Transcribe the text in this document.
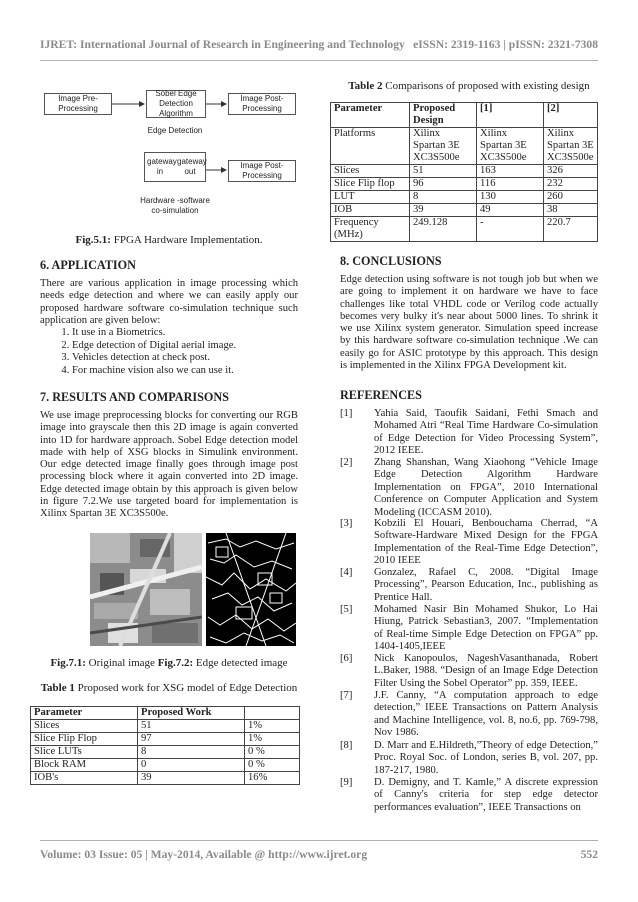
IJRET: International Journal of Research in Engineering and Technology eISSN: 2319-1163 | pISSN: 2321-7308
Image Pre-Processing
Sobel Edge Detection Algorithm
Image Post-Processing
Edge Detection
gateway in
gateway out
Image Post-Processing
Hardware -software co-simulation
Fig.5.1: FPGA Hardware Implementation.
6. APPLICATION
There are various application in image processing which needs edge detection and where we can easily apply our proposed hardware software co-simulation technique such application are given below:
1. It use in a Biometrics.
2. Edge detection of Digital aerial image.
3. Vehicles detection at check post.
4. For machine vision also we can use it.
7. RESULTS AND COMPARISONS
We use image preprocessing blocks for converting our RGB image into grayscale then this 2D image is again converted into 1D for hardware approach. Sobel Edge detection model made with help of XSG blocks in Simulink environment. Our edge detected image finally goes through image post processing block where it again converted into 2D image. Edge detected image obtain by this approach is given below in figure 7.2.We use targeted board for implementation is Xilinx Spartan 3E XC3S500e.
Fig.7.1: Original image Fig.7.2: Edge detected image
Table 1 Proposed work for XSG model of Edge Detection
Parameter	Proposed Work	
Slices	51	1%
Slice Flip Flop	97	1%
Slice LUTs	8	0 %
Block RAM	0	0 %
IOB's	39	16%
Table 2 Comparisons of proposed with existing design
Parameter	Proposed Design	[1]	[2]
Platforms	Xilinx Spartan 3E XC3S500e	Xilinx Spartan 3E XC3S500e	Xilinx Spartan 3E XC3S500e
Slices	51	163	326
Slice Flip flop	96	116	232
LUT	8	130	260
IOB	39	49	38
Frequency (MHz)	249.128	-	220.7
8. CONCLUSIONS
Edge detection using software is not tough job but when we are going to implement it on hardware we have to face challenges like total VHDL code or Verilog code actually becomes very bulky it's near about 5000 lines. To shrink it we use Xilinx system generator. Simulation speed increase by this hardware software co-simulation technique .We can easily go for ASIC prototype by this approach. This design is implemented in the Xilinx FPGA Development kit.
REFERENCES
[1] Yahia Said, Taoufik Saidani, Fethi Smach and Mohamed Atri “Real Time Hardware Co-simulation of Edge Detection for Video Processing System”, 2012 IEEE.
[2] Zhang Shanshan, Wang Xiaohong “Vehicle Image Edge Detection Algorithm Hardware Implementation on FPGA”, 2010 International Conference on Computer Application and System Modeling (ICCASM 2010).
[3] Kobzili El Houari, Benbouchama Cherrad, “A Software-Hardware Mixed Design for the FPGA Implementation of the Real-Time Edge Detection”, 2010 IEEE
[4] Gonzalez, Rafael C, 2008. “Digital Image Processing”, Pearson Education, Inc., publishing as Prentice Hall.
[5] Mohamed Nasir Bin Mohamed Shukor, Lo Hai Hiung, Patrick Sebastian3, 2007. “Implementation of Real-time Simple Edge Detection on FPGA” pp. 1404-1405,IEEE
[6] Nick Kanopoulos, NageshVasanthanada, Robert L.Baker, 1988. “Design of an Image Edge Detection Filter Using the Sobel Operator” pp. 359, IEEE.
[7] J.F. Canny, “A computation approach to edge detection,” IEEE Transactions on Pattern Analysis and Machine Intelligence, vol. 8, no.6, pp. 769-798, Nov 1986.
[8] D. Marr and E.Hildreth,”Theory of edge Detection,” Proc. Royal Soc. of London, series B, vol. 207, pp. 187-217, 1980.
[9] D. Demigny, and T. Kamle,” A discrete expression of Canny's criteria for step edge detector performances evaluation”, IEEE Transactions on
Volume: 03 Issue: 05 | May-2014, Available @ http://www.ijret.org	552
